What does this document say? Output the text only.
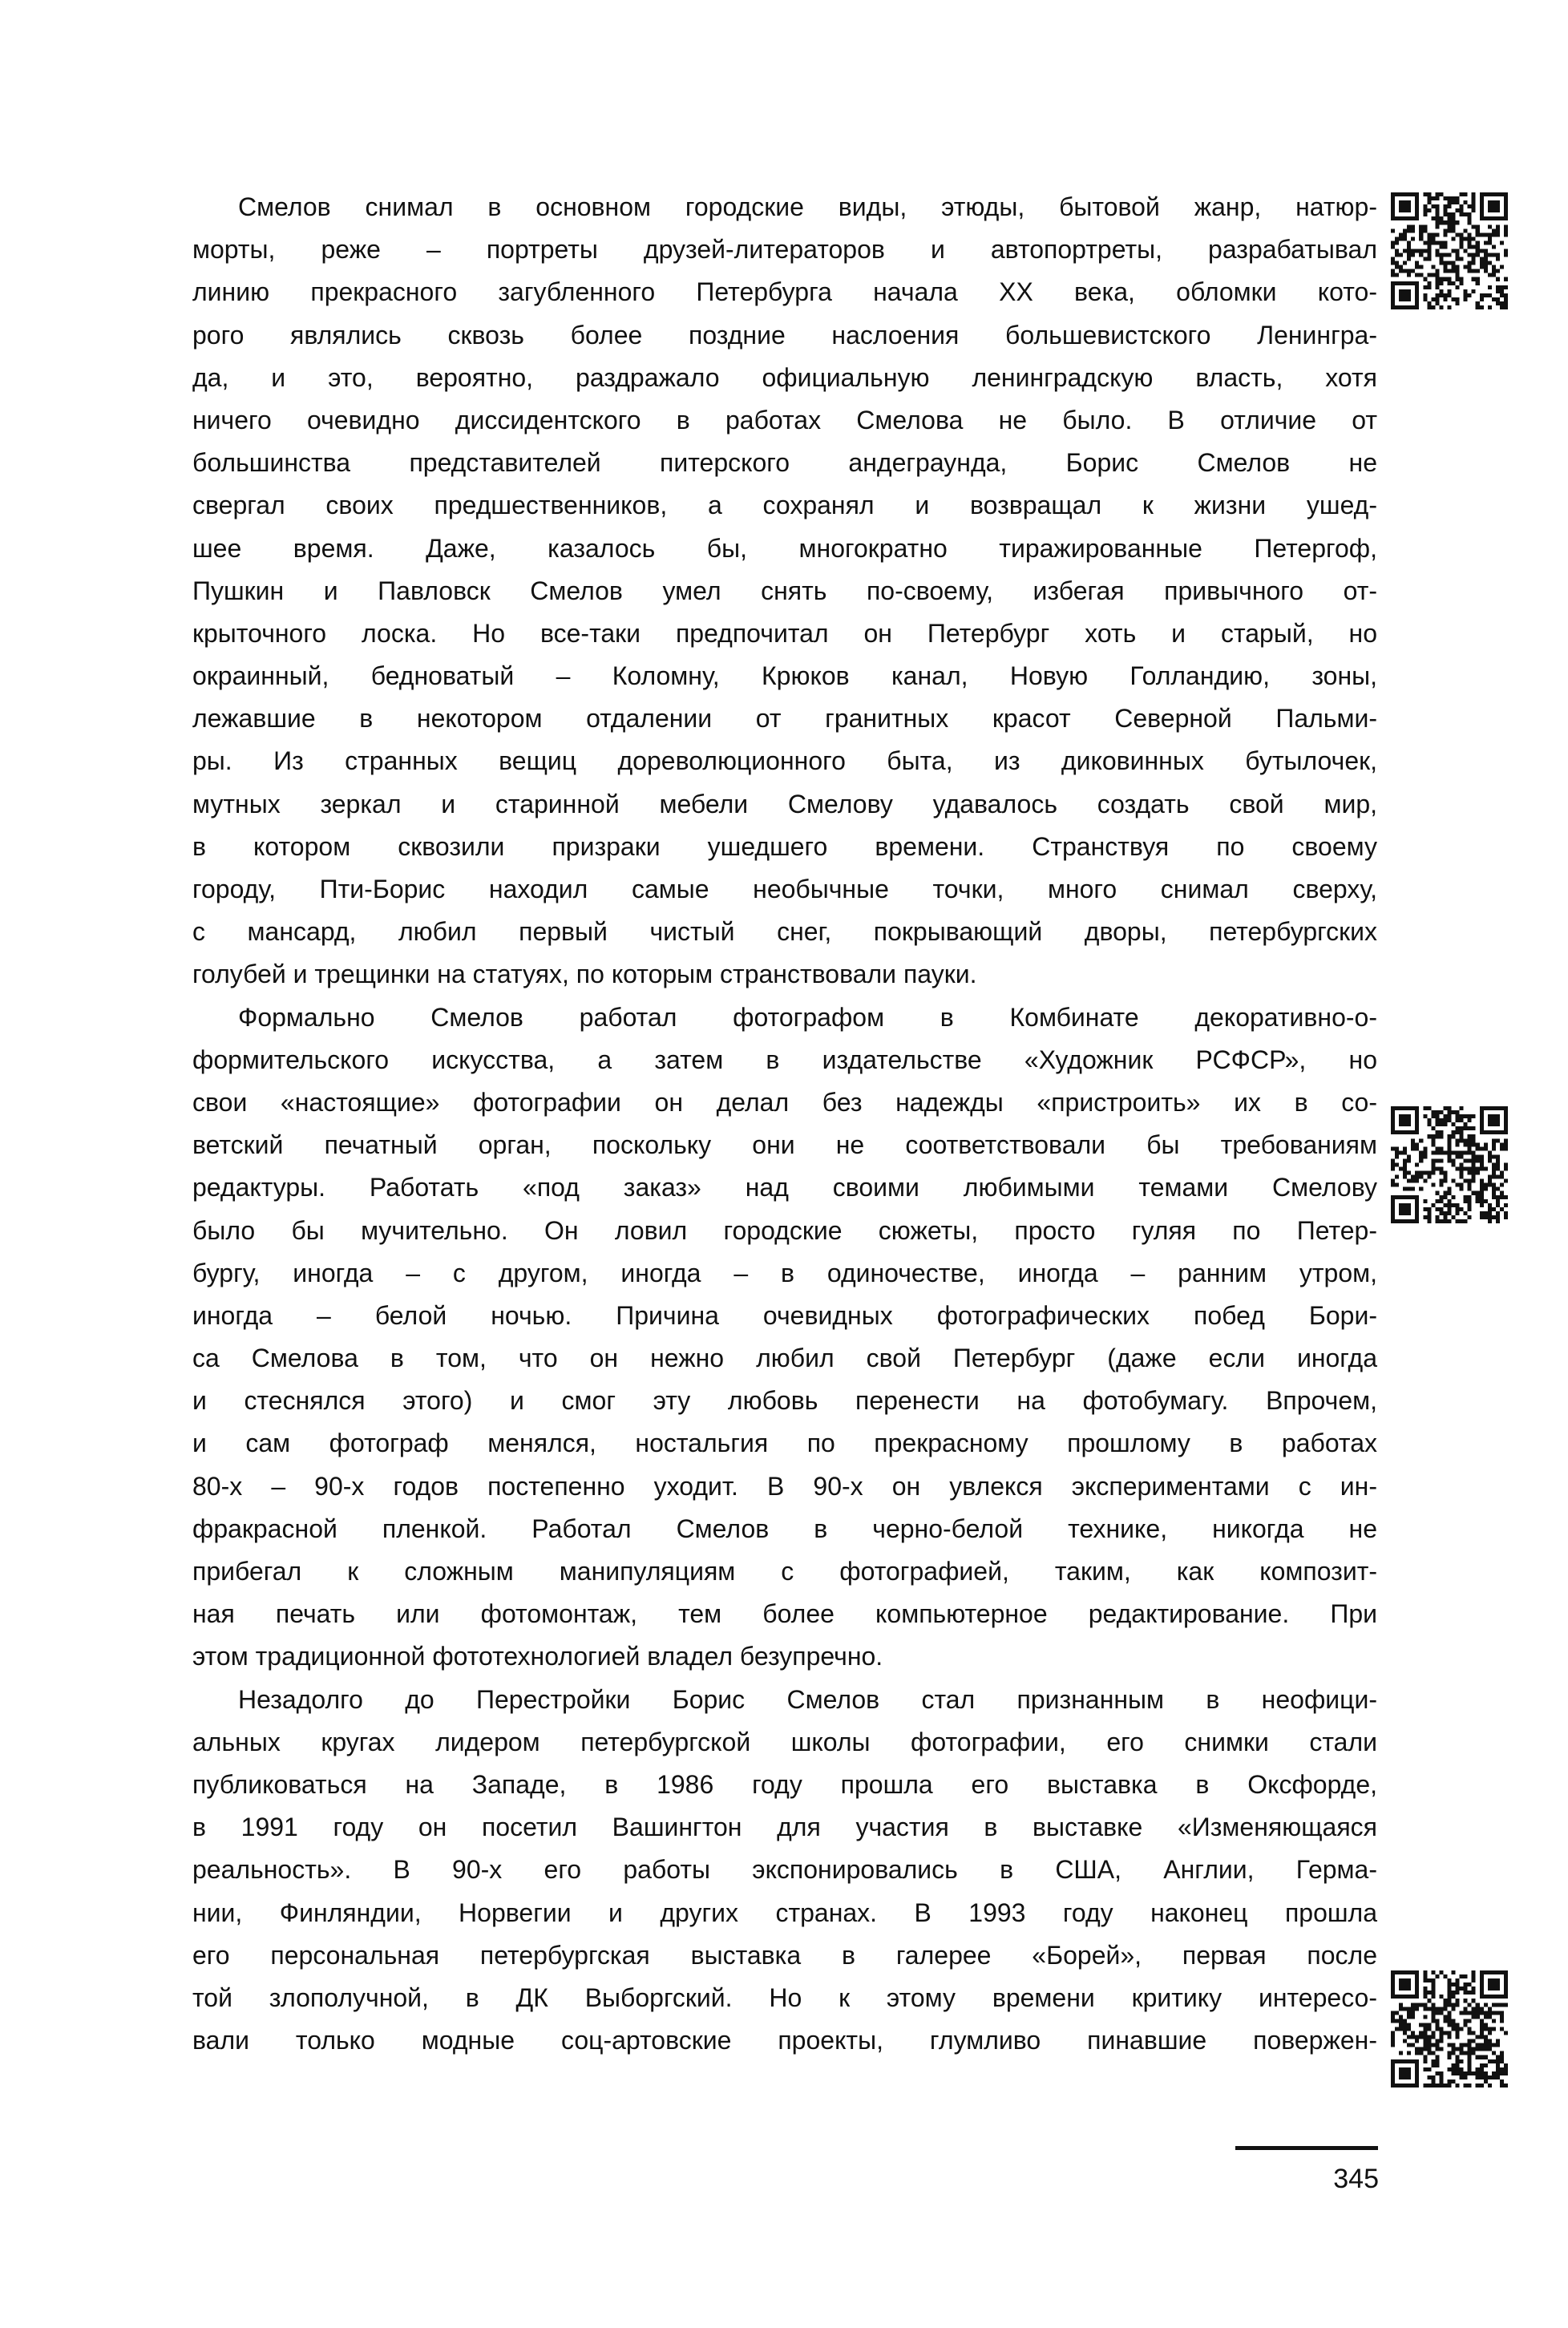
Смелов снимал в основном городские виды, этюды, бытовой жанр, натюр-
морты, реже – портреты друзей-литераторов и автопортреты, разрабатывал
линию прекрасного загубленного Петербурга начала XX века, обломки кото-
рого являлись сквозь более поздние наслоения большевистского Ленингра-
да, и это, вероятно, раздражало официальную ленинградскую власть, хотя
ничего очевидно диссидентского в работах Смелова не было. В отличие от
большинства представителей питерского андеграунда, Борис Смелов не
свергал своих предшественников, а сохранял и возвращал к жизни ушед-
шее время. Даже, казалось бы, многократно тиражированные Петергоф,
Пушкин и Павловск Смелов умел снять по-своему, избегая привычного от-
крыточного лоска. Но все-таки предпочитал он Петербург хоть и старый, но
окраинный, бедноватый – Коломну, Крюков канал, Новую Голландию, зоны,
лежавшие в некотором отдалении от гранитных красот Северной Пальми-
ры. Из странных вещиц дореволюционного быта, из диковинных бутылочек,
мутных зеркал и старинной мебели Смелову удавалось создать свой мир,
в котором сквозили призраки ушедшего времени. Странствуя по своему
городу, Пти-Борис находил самые необычные точки, много снимал сверху,
с мансард, любил первый чистый снег, покрывающий дворы, петербургских
голубей и трещинки на статуях, по которым странствовали пауки.
Формально Смелов работал фотографом в Комбинате декоративно-о-
формительского искусства, а затем в издательстве «Художник РСФСР», но
свои «настоящие» фотографии он делал без надежды «пристроить» их в со-
ветский печатный орган, поскольку они не соответствовали бы требованиям
редактуры. Работать «под заказ» над своими любимыми темами Смелову
было бы мучительно. Он ловил городские сюжеты, просто гуляя по Петер-
бургу, иногда – с другом, иногда – в одиночестве, иногда – ранним утром,
иногда – белой ночью. Причина очевидных фотографических побед Бори-
са Смелова в том, что он нежно любил свой Петербург (даже если иногда
и стеснялся этого) и смог эту любовь перенести на фотобумагу. Впрочем,
и сам фотограф менялся, ностальгия по прекрасному прошлому в работах
80-х – 90-х годов постепенно уходит. В 90-х он увлекся экспериментами с ин-
фракрасной пленкой. Работал Смелов в черно-белой технике, никогда не
прибегал к сложным манипуляциям с фотографией, таким, как композит-
ная печать или фотомонтаж, тем более компьютерное редактирование. При
этом традиционной фототехнологией владел безупречно.
Незадолго до Перестройки Борис Смелов стал признанным в неофици-
альных кругах лидером петербургской школы фотографии, его снимки стали
публиковаться на Западе, в 1986 году прошла его выставка в Оксфорде,
в 1991 году он посетил Вашингтон для участия в выставке «Изменяющаяся
реальность». В 90-х его работы экспонировались в США, Англии, Герма-
нии, Финляндии, Норвегии и других странах. В 1993 году наконец прошла
его персональная петербургская выставка в галерее «Борей», первая после
той злополучной, в ДК Выборгский. Но к этому времени критику интересо-
вали только модные соц-артовские проекты, глумливо пинавшие повержен-
345
